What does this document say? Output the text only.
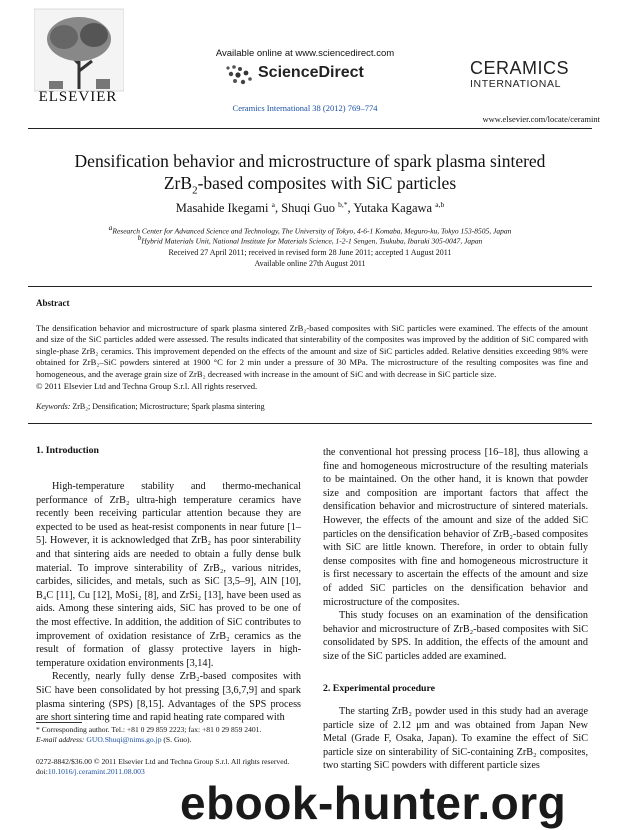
ELSEVIER
Available online at www.sciencedirect.com
ScienceDirect
Ceramics International 38 (2012) 769–774
CERAMICS
INTERNATIONAL
www.elsevier.com/locate/ceramint
Densification behavior and microstructure of spark plasma sintered
ZrB$_2$-based composites with SiC particles
Masahide Ikegami $^a$, Shuqi Guo $^{b,*}$, Yutaka Kagawa $^{a,b}$
$^a$Research Center for Advanced Science and Technology, The University of Tokyo, 4-6-1 Komaba, Meguro-ku, Tokyo 153-8505, Japan
$^b$Hybrid Materials Unit, National Institute for Materials Science, 1-2-1 Sengen, Tsukuba, Ibaraki 305-0047, Japan
Received 27 April 2011; received in revised form 28 June 2011; accepted 1 August 2011
Available online 27th August 2011
Abstract
The densification behavior and microstructure of spark plasma sintered ZrB₂-based composites with SiC particles were examined. The effects of the amount and size of the SiC particles added were assessed. The results indicated that sinterability of the composites was improved by the addition of SiC compared with single-phase ZrB₂ ceramics. This improvement depended on the effects of the amount and size of SiC particles added. Relative densities exceeding 98% were obtained for ZrB₂–SiC powders sintered at 1900 °C for 2 min under a pressure of 30 MPa. The microstructure of the resulting composites was fine and homogeneous, and the average grain size of ZrB₂ decreased with increase in the amount of SiC and with decrease in SiC particle size.
© 2011 Elsevier Ltd and Techna Group S.r.l. All rights reserved.
Keywords: ZrB₂; Densification; Microstructure; Spark plasma sintering
1. Introduction

High-temperature stability and thermo-mechanical performance of ZrB₂ ultra-high temperature ceramics have recently been receiving particular attention because they are expected to be used as heat-resist components in near future [1–5]. However, it is acknowledged that ZrB₂ has poor sinterability and that sintering aids are needed to obtain a fully dense bulk material. To improve sinterability of ZrB₂, various nitrides, carbides, silicides, and metals, such as SiC [3,5–9], AlN [10], B₄C [11], Cu [12], MoSi₂ [8], and ZrSi₂ [13], have been used as aids. Among these sintering aids, SiC has proved to be one of the most effective. In addition, the addition of SiC contributes to improvement of oxidation resistance of ZrB₂ ceramics as the result of formation of glassy protective layers in high-temperature oxidation environments [3,14].

Recently, nearly fully dense ZrB₂-based composites with SiC have been consolidated by hot pressing [3,6,7,9] and spark plasma sintering (SPS) [8,15]. Advantages of the SPS process are short sintering time and rapid heating rate compared with

* Corresponding author. Tel.: +81 0 29 859 2223; fax: +81 0 29 859 2401.
E-mail address: GUO.Shuqi@nims.go.jp (S. Guo).

the conventional hot pressing process [16–18], thus allowing a fine and homogeneous microstructure of the resulting materials to be maintained. On the other hand, it is known that powder size and composition are important factors that affect the densification behavior and microstructure of sintered materials. However, the effects of the amount and size of the added SiC particles on the densification behavior of ZrB₂-based composites with SiC are little known. Therefore, in order to obtain fully dense composites with fine and homogeneous microstructure it is first necessary to ascertain the effects of the amount and size of added SiC particles on the densification behavior and microstructure of the composites.

This study focuses on an examination of the densification behavior and microstructure of ZrB₂-based composites with SiC consolidated by SPS. In addition, the effects of the amount and size of the SiC particles added are examined.

2. Experimental procedure

The starting ZrB₂ powder used in this study had an average particle size of 2.12 μm and was obtained from Japan New Metal (Grade F, Osaka, Japan). To examine the effect of SiC particle size on sinterability of SiC-containing ZrB₂ composites, two starting SiC powders with different particle sizes

0272-8842/$36.00 © 2011 Elsevier Ltd and Techna Group S.r.l. All rights reserved.
doi:10.1016/j.ceramint.2011.08.003
ebook-hunter.org
